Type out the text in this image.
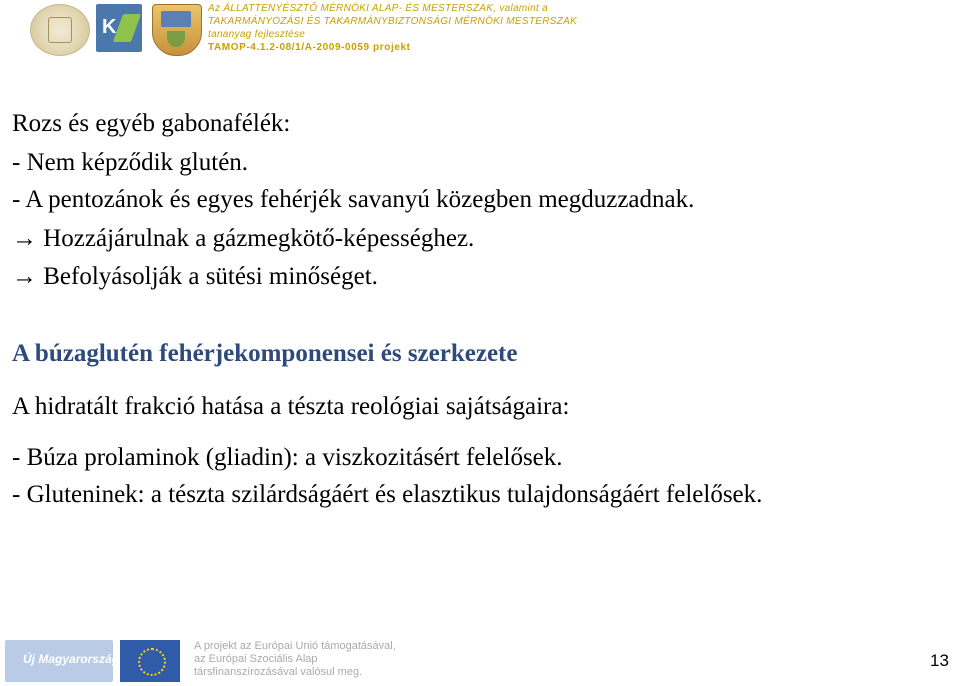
K
Az ÁLLATTENYÉSZTŐ MÉRNÖKI ALAP- ÉS MESTERSZAK, valamint a
TAKARMÁNYOZÁSI ÉS TAKARMÁNYBIZTONSÁGI MÉRNÖKI MESTERSZAK
tananyag fejlesztése
TAMOP-4.1.2-08/1/A-2009-0059 projekt
Rozs és egyéb gabonafélék:
- Nem képződik glutén.
- A pentozánok és egyes fehérjék savanyú közegben megduzzadnak.
→ Hozzájárulnak a gázmegkötő-képességhez.
→ Befolyásolják a sütési minőséget.
A búzaglutén fehérjekomponensei és szerkezete
A hidratált frakció hatása a tészta reológiai sajátságaira:
- Búza prolaminok (gliadin): a viszkozitásért felelősek.
- Gluteninek: a tészta szilárdságáért és elasztikus tulajdonságáért felelősek.
Új Magyarország
A projekt az Európai Unió támogatásával,
az Európai Szociális Alap
társfinanszírozásával valósul meg.
13
